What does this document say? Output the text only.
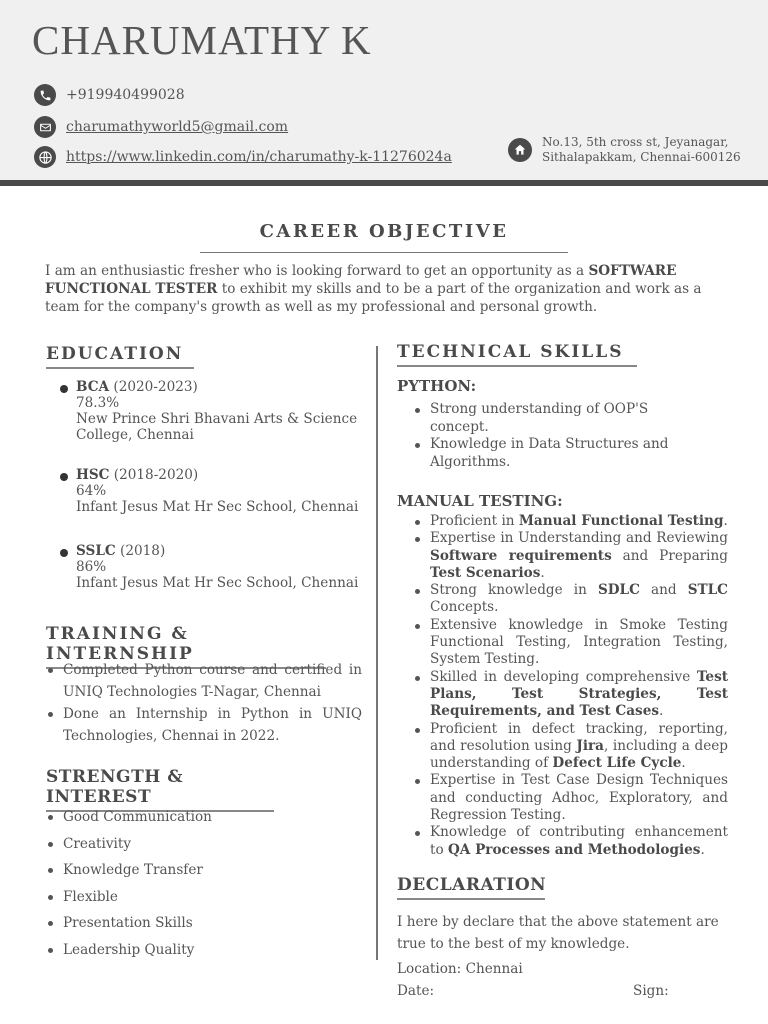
CHARUMATHY K
+919940499028
charumathyworld5@gmail.com
https://www.linkedin.com/in/charumathy-k-11276024a
No.13, 5th cross st, Jeyanagar,
Sithalapakkam, Chennai-600126
CAREER OBJECTIVE
I am an enthusiastic fresher who is looking forward to get an opportunity as a SOFTWARE FUNCTIONAL TESTER to exhibit my skills and to be a part of the organization and work as a team for the company's growth as well as my professional and personal growth.
EDUCATION
BCA (2020-2023)
78.3%
New Prince Shri Bhavani Arts & Science College, Chennai
HSC (2018-2020)
64%
Infant Jesus Mat Hr Sec School, Chennai
SSLC (2018)
86%
Infant Jesus Mat Hr Sec School, Chennai
TRAINING & INTERNSHIP
Completed Python course and certified in UNIQ Technologies T-Nagar, Chennai
Done an Internship in Python in UNIQ Technologies, Chennai in 2022.
STRENGTH & INTEREST
Good Communication
Creativity
Knowledge Transfer
Flexible
Presentation Skills
Leadership Quality
TECHNICAL SKILLS
PYTHON:
Strong understanding of OOP'S concept.
Knowledge in Data Structures and Algorithms.
MANUAL TESTING:
Proficient in Manual Functional Testing.
Expertise in Understanding and Reviewing Software requirements and Preparing Test Scenarios.
Strong knowledge in SDLC and STLC Concepts.
Extensive knowledge in Smoke Testing Functional Testing, Integration Testing, System Testing.
Skilled in developing comprehensive Test Plans, Test Strategies, Test Requirements, and Test Cases.
Proficient in defect tracking, reporting, and resolution using Jira, including a deep understanding of Defect Life Cycle.
Expertise in Test Case Design Techniques and conducting Adhoc, Exploratory, and Regression Testing.
Knowledge of contributing enhancement to QA Processes and Methodologies.
DECLARATION
I here by declare that the above statement are true to the best of my knowledge.
Location: Chennai
Date:	Sign:
